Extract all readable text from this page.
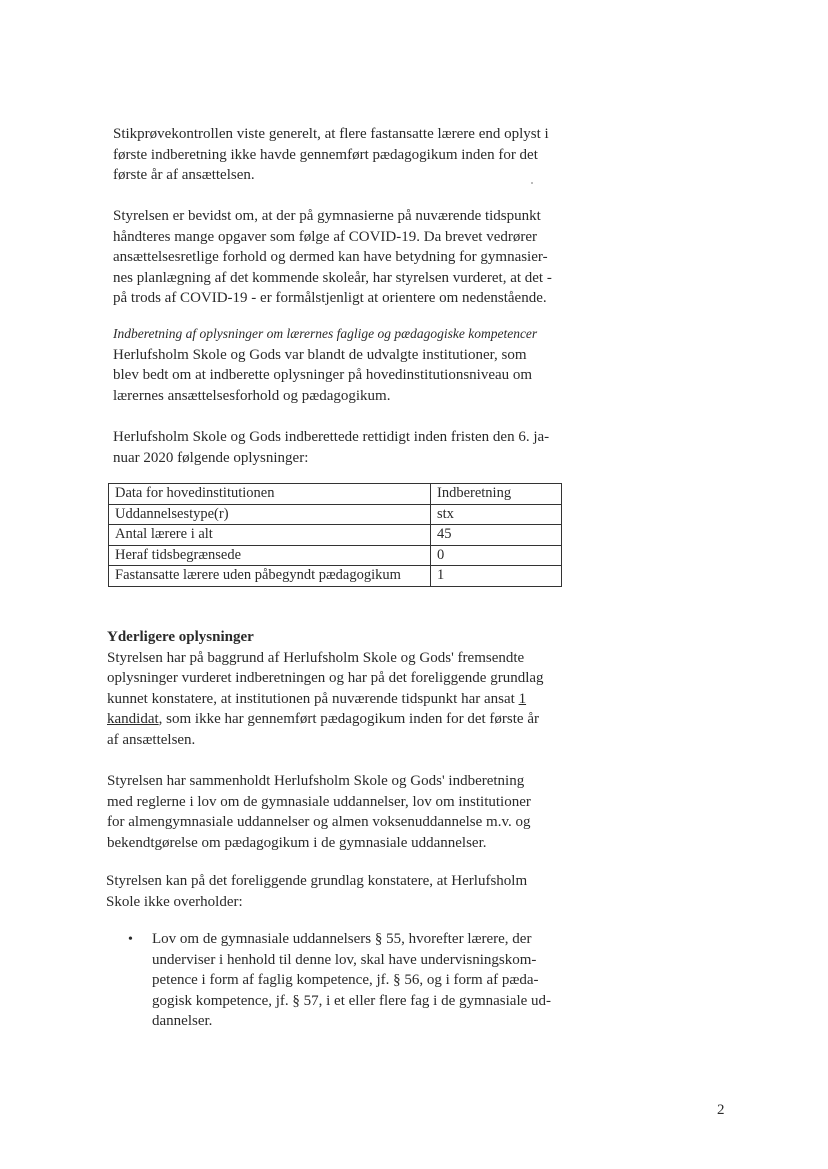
Stikprøvekontrollen viste generelt, at flere fastansatte lærere end oplyst i
første indberetning ikke havde gennemført pædagogikum inden for det
første år af ansættelsen.

Styrelsen er bevidst om, at der på gymnasierne på nuværende tidspunkt
håndteres mange opgaver som følge af COVID-19. Da brevet vedrører
ansættelsesretlige forhold og dermed kan have betydning for gymnasier-
nes planlægning af det kommende skoleår, har styrelsen vurderet, at det -
på trods af COVID-19 - er formålstjenligt at orientere om nedenstående.

Indberetning af oplysninger om lærernes faglige og pædagogiske kompetencer
Herlufsholm Skole og Gods var blandt de udvalgte institutioner, som
blev bedt om at indberette oplysninger på hovedinstitutionsniveau om
lærernes ansættelsesforhold og pædagogikum.

Herlufsholm Skole og Gods indberettede rettidigt inden fristen den 6. ja-
nuar 2020 følgende oplysninger:

Data for hovedinstitutionen	Indberetning
Uddannelsestype(r)	stx
Antal lærere i alt	45
Heraf tidsbegrænsede	0
Fastansatte lærere uden påbegyndt pædagogikum	1

Yderligere oplysninger
Styrelsen har på baggrund af Herlufsholm Skole og Gods' fremsendte
oplysninger vurderet indberetningen og har på det foreliggende grundlag
kunnet konstatere, at institutionen på nuværende tidspunkt har ansat 1
kandidat, som ikke har gennemført pædagogikum inden for det første år
af ansættelsen.

Styrelsen har sammenholdt Herlufsholm Skole og Gods' indberetning
med reglerne i lov om de gymnasiale uddannelser, lov om institutioner
for almengymnasiale uddannelser og almen voksenuddannelse m.v. og
bekendtgørelse om pædagogikum i de gymnasiale uddannelser.

Styrelsen kan på det foreliggende grundlag konstatere, at Herlufsholm
Skole ikke overholder:

• Lov om de gymnasiale uddannelsers § 55, hvorefter lærere, der
underviser i henhold til denne lov, skal have undervisningskom-
petence i form af faglig kompetence, jf. § 56, og i form af pæda-
gogisk kompetence, jf. § 57, i et eller flere fag i de gymnasiale ud-
dannelser.
2
